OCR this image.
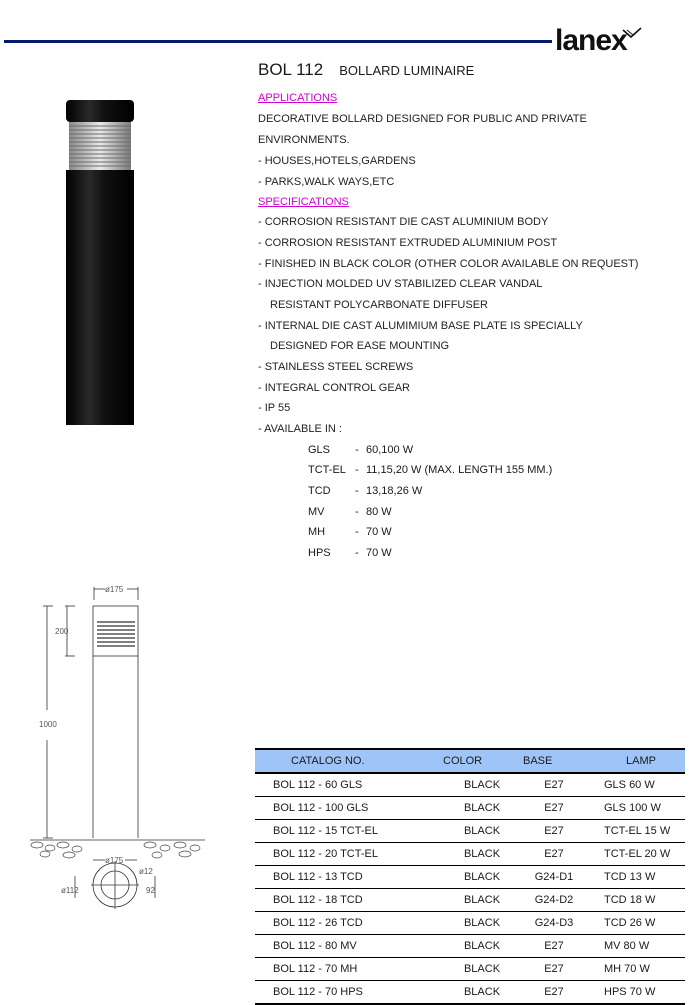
lanex
BOL 112 BOLLARD LUMINAIRE
APPLICATIONS
DECORATIVE BOLLARD DESIGNED FOR PUBLIC AND PRIVATE
ENVIRONMENTS.
- HOUSES,HOTELS,GARDENS
- PARKS,WALK WAYS,ETC
SPECIFICATIONS
- CORROSION RESISTANT DIE CAST ALUMINIUM BODY
- CORROSION RESISTANT EXTRUDED ALUMINIUM POST
- FINISHED IN BLACK COLOR (OTHER COLOR AVAILABLE ON REQUEST)
- INJECTION MOLDED UV STABILIZED CLEAR VANDAL
RESISTANT POLYCARBONATE DIFFUSER
- INTERNAL DIE CAST ALUMIMIUM BASE PLATE IS SPECIALLY
DESIGNED FOR EASE MOUNTING
- STAINLESS STEEL SCREWS
- INTEGRAL CONTROL GEAR
- IP 55
- AVAILABLE IN :
GLS - 60,100 W
TCT-EL - 11,15,20 W (MAX. LENGTH 155 MM.)
TCD - 13,18,26 W
MV	- 80 W
MH	- 70 W
HPS - 70 W
ø175
200
1000
ø175
ø12
ø112	92
CATALOG NO.	COLOR	BASE	LAMP
BOL 112 - 60 GLS	BLACK	E27	GLS 60 W
BOL 112 - 100 GLS	BLACK	E27	GLS 100 W
BOL 112 - 15 TCT-EL	BLACK	E27	TCT-EL 15 W
BOL 112 - 20 TCT-EL	BLACK	E27	TCT-EL 20 W
BOL 112 - 13 TCD	BLACK	G24-D1	TCD 13 W
BOL 112 - 18 TCD	BLACK	G24-D2	TCD 18 W
BOL 112 - 26 TCD	BLACK	G24-D3	TCD 26 W
BOL 112 - 80 MV	BLACK	E27	MV 80 W
BOL 112 - 70 MH	BLACK	E27	MH 70 W
BOL 112 - 70 HPS	BLACK	E27	HPS 70 W
